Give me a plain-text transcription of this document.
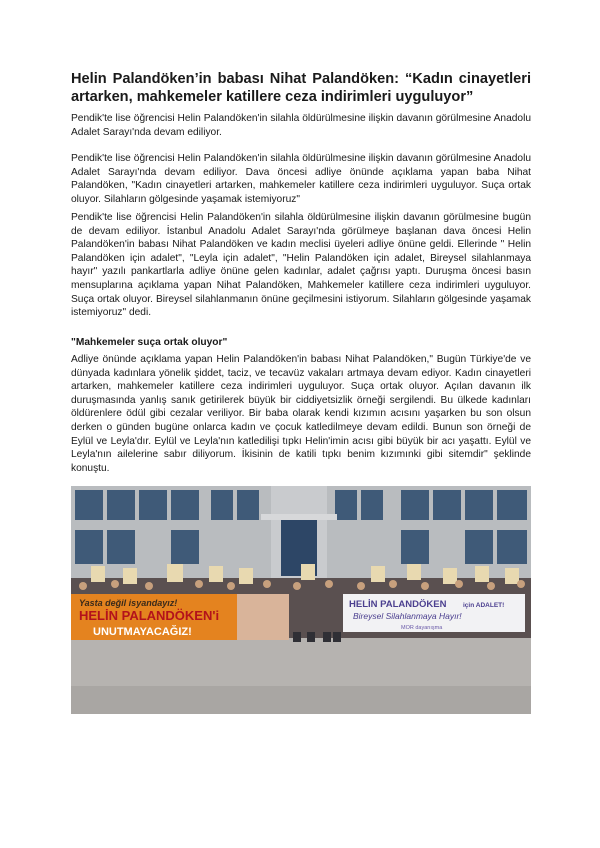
Helin Palandöken’in babası Nihat Palandöken: “Kadın cinayetleri artarken, mahkemeler katillere ceza indirimleri uyguluyor”

Pendik'te lise öğrencisi Helin Palandöken'in silahla öldürülmesine ilişkin davanın görülmesine Anadolu Adalet Sarayı'nda devam ediliyor.

Pendik'te lise öğrencisi Helin Palandöken'in silahla öldürülmesine ilişkin davanın görülmesine Anadolu Adalet Sarayı'nda devam ediliyor. Dava öncesi adliye önünde açıklama yapan baba Nihat Palandöken, "Kadın cinayetleri artarken, mahkemeler katillere ceza indirimleri uyguluyor. Suça ortak oluyor. Silahların gölgesinde yaşamak istemiyoruz"

Pendik'te lise öğrencisi Helin Palandöken'in silahla öldürülmesine ilişkin davanın görülmesine bugün de devam ediliyor. İstanbul Anadolu Adalet Sarayı'nda görülmeye başlanan dava öncesi Helin Palandöken'in babası Nihat Palandöken ve kadın meclisi üyeleri adliye önüne geldi. Ellerinde " Helin Palandöken için adalet", "Leyla için adalet", "Helin Palandöken için adalet, Bireysel silahlanmaya hayır" yazılı pankartlarla adliye önüne gelen kadınlar, adalet çağrısı yaptı. Duruşma öncesi basın mensuplarına açıklama yapan Nihat Palandöken, Mahkemeler katillere ceza indirimleri uyguluyor. Suça ortak oluyor. Bireysel silahlanmanın önüne geçilmesini istiyorum. Silahların gölgesinde yaşamak istemiyoruz" dedi.

"Mahkemeler suça ortak oluyor"

Adliye önünde açıklama yapan Helin Palandöken'in babası Nihat Palandöken," Bugün Türkiye'de ve dünyada kadınlara yönelik şiddet, taciz, ve tecavüz vakaları artmaya devam ediyor. Kadın cinayetleri artarken, mahkemeler katillere ceza indirimleri uyguluyor. Suça ortak oluyor. Açılan davanın ilk duruşmasında yanlış sanık getirilerek büyük bir ciddiyetsizlik örneği sergilendi. Bu ülkede kadınları öldürenlere ödül gibi cezalar veriliyor. Bir baba olarak kendi kızımın acısını yaşarken bu son olsun derken o günden bugüne onlarca kadın ve çocuk katledilmeye devam edildi. Bunun son örneği de Eylül ve Leyla'dır. Eylül ve Leyla'nın katledilişi tıpkı Helin'imin acısı gibi büyük bir acı yaşattı. Eylül ve Leyla'nın ailelerine sabır diliyorum. İkisinin de katili tıpkı benim kızımınki gibi sitemdir" şeklinde konuştu.

Yasta değil isyandayız!
HELİN PALANDÖKEN'i
UNUTMAYACAĞIZ!
HELİN PALANDÖKEN	için ADALET!
Bireysel Silahlanmaya Hayır!
MOR dayanışma
